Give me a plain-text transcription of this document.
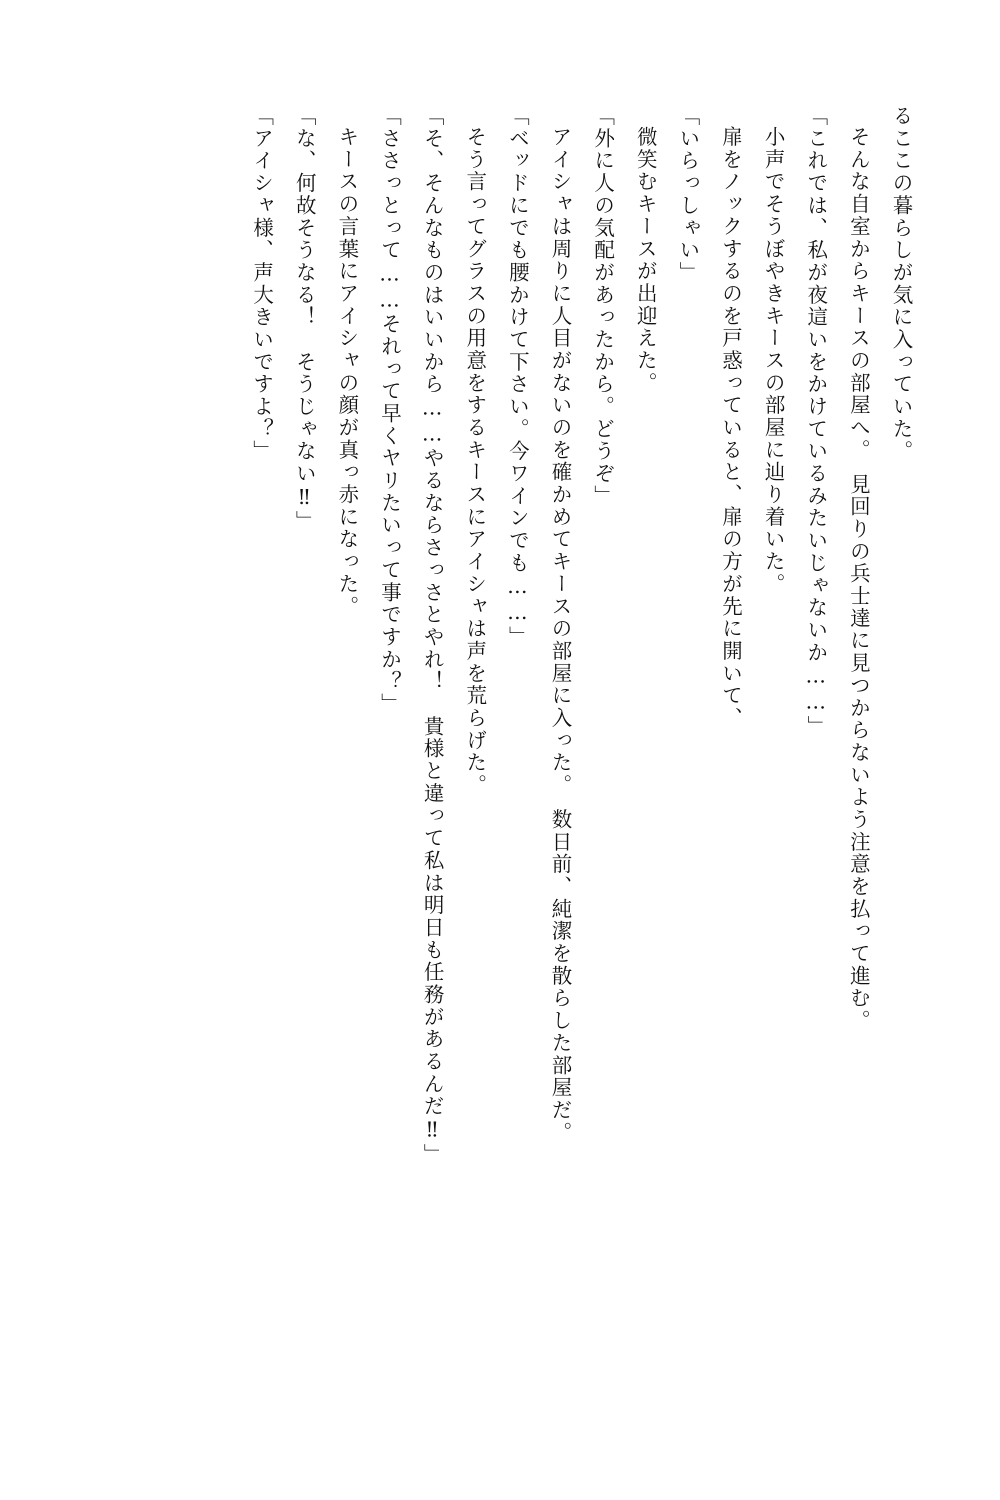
るここの暮らしが気に入っていた。

そんな自室からキースの部屋へ。　見回りの兵士達に見つからないよう注意を払って進む。

「これでは、私が夜這いをかけているみたいじゃないか……」

小声でそうぼやきキースの部屋に辿り着いた。

扉をノックするのを戸惑っていると、扉の方が先に開いて、

「いらっしゃい」

微笑むキースが出迎えた。

「外に人の気配があったから。どうぞ」

アイシャは周りに人目がないのを確かめてキースの部屋に入った。　数日前、純潔を散らした部屋だ。

「ベッドにでも腰かけて下さい。今ワインでも……」

そう言ってグラスの用意をするキースにアイシャは声を荒らげた。

「そ、そんなものはいいから……やるならさっさとやれ！　貴様と違って私は明日も任務があるんだ‼」

「ささっとって……それって早くヤリたいって事ですか？」

キースの言葉にアイシャの顔が真っ赤になった。

「な、何故そうなる！　そうじゃない‼」

「アイシャ様、声大きいですよ？」
